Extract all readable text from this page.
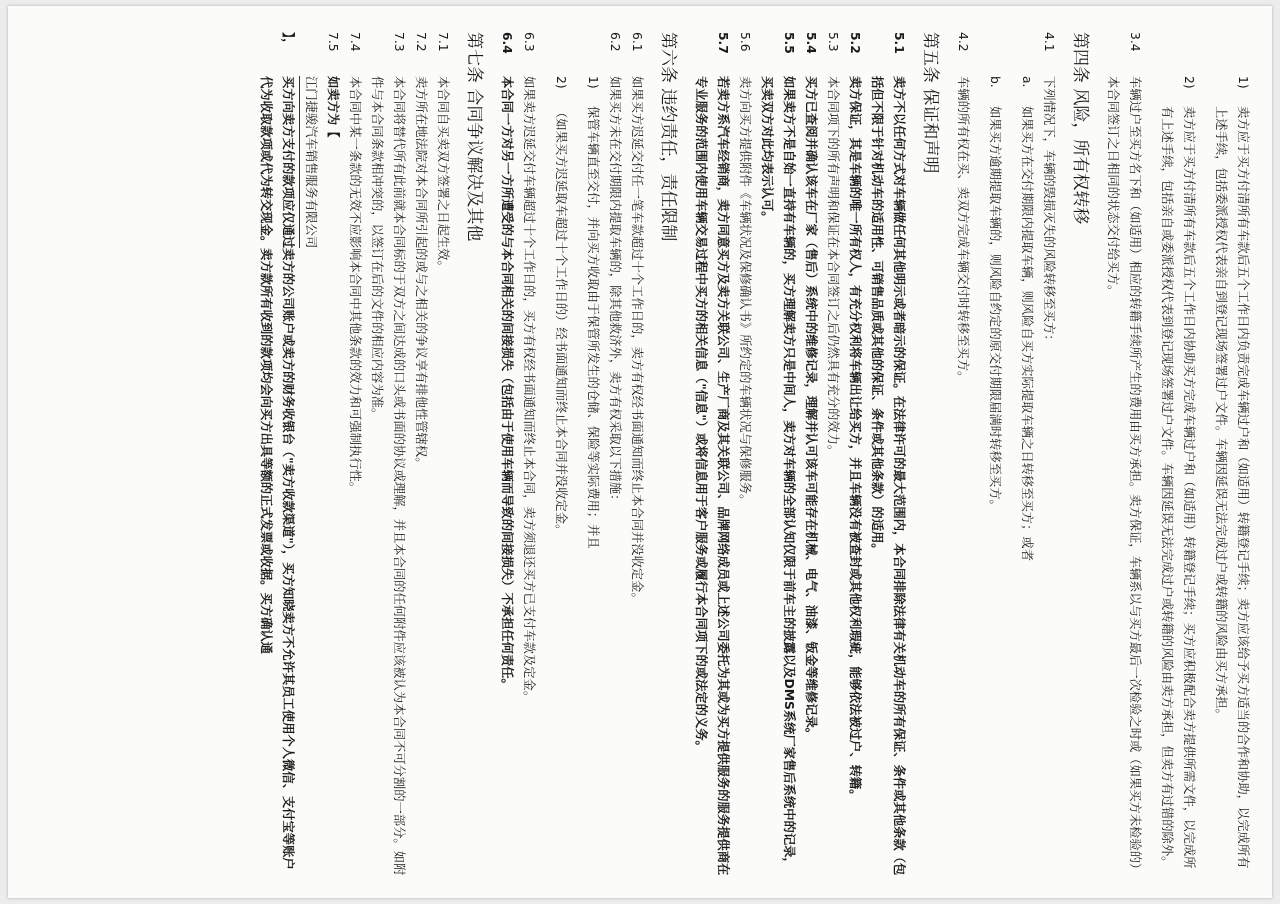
1)
卖方应于买方付清所有车款后五个工作日内负责完成车辆过户和（如适用）转籍登记手续；卖方应该给予买方适当的合作和协助，以完成所有上述手续，包括委派授权代表亲自到登记现场签署过户文件。车辆因延误无法完成过户或转籍的风险由买方承担。
2)
卖方应于买方付清所有车款后五个工作日内协助买方完成车辆过户和（如适用）转籍登记手续；买方应积极配合卖方提供所需文件，以完成所有上述手续，包括亲自或委派授权代表到登记现场签署过户文件。车辆因延误无法完成过户或转籍的风险由卖方承担，但卖方有过错的除外。
3.4
车辆过户至买方名下和（如适用）相应的转籍手续所产生的费用由买方承担。卖方保证，车辆系以与买方最后一次检验之时或（如果买方未检验的）本合同签订之日相同的状态交付给买方。
第四条 风险，所有权转移
4.1
下列情况下，车辆的毁损灭失的风险转移至买方：
a.
如果买方在交付期限内提取车辆，则风险自买方实际提取车辆之日转移至买方；或者
b.
如果买方逾期提取车辆的，则风险自约定的原交付期限届满时转移至买方。
4.2
车辆的所有权在买、卖双方完成车辆交付时转移至买方。
第五条 保证和声明
5.1
卖方不以任何方式对车辆做任何其他明示或者暗示的保证。在法律许可的最大范围内，本合同排除法律有关机动车的所有保证、条件或其他条款（包括但不限于针对机动车的适用性、可销售品质或其他的保证、条件或其他条款）的适用。
5.2
卖方保证，其是车辆的唯一所有权人，有充分权利将车辆出让给买方，并且车辆没有被查封或其他权利瑕疵，能够依法被过户、转籍。
5.3
本合同项下的所有声明和保证在本合同签订之后仍然具有充分的效力。
5.4
买方已查阅并确认该车在厂家（售后）系统中的维修记录，理解并认可该车可能存在机械、电气、油漆、钣金等维修记录。
5.5
如果卖方不是自始一直持有车辆的，买方理解卖方只是中间人，卖方对车辆的全部认知仅限于前车主的披露以及DMS系统厂家售后系统中的记录，买卖双方对此均表示认可。
5.6
卖方向买方提供附件《车辆状况及保修确认书》所约定的车辆状况与保修服务。
5.7
若卖方系汽车经销商，卖方同意买方及卖方关联公司、生产厂商及其关联公司、品牌网络成员或上述公司委托为其或为买方提供服务的服务提供商在专业服务的范围内使用车辆交易过程中买方的相关信息（"信息"）或将信息用于客户服务或履行本合同项下的或法定的义务。
第六条 违约责任，责任限制
6.1
如果买方迟延交付任一笔车款超过十个工作日的，卖方有权经书面通知而终止本合同并没收定金。
6.2
如果买方未在交付期限内提取车辆的，除其他救济外，卖方有权采取以下措施：
1)
保管车辆直至交付，并向买方收取由于保管所发生的仓储、保险等实际费用；并且
2)
（如果买方迟延取车超过十个工作日的）经书面通知而终止本合同并没收定金。
6.3
如果卖方迟延交付车辆超过十个工作日的，买方有权经书面通知而终止本合同，卖方须退还买方已支付车款及定金。
6.4
本合同一方对另一方所遭受的与本合同相关的间接损失（包括由于使用车辆而导致的间接损失）不承担任何责任。
第七条 合同争议解决及其他
7.1
本合同自买卖双方签署之日起生效。
7.2
卖方所在地法院对本合同所引起的或与之相关的争议享有排他性管辖权。
7.3
本合同将替代所有此前就本合同标的于双方之间达成的口头或书面的协议或理解，并且本合同的任何附件应该被认为本合同不可分割的一部分。如附件与本合同条款相冲突的，以签订在后的文件的相应内容为准。
7.4
本合同中某一条款的无效不应影响本合同中其他条款的效力和可强制执行性。
7.5
如卖方为【
江门捷骏汽车销售服务有限公司
】，
买方向卖方支付的款项应仅通过卖方的公司账户或卖方的财务收银台（"卖方收款渠道"），买方知晓卖方不允许其员工使用个人微信、支付宝等账户代为收取款项或代为转交现金。卖方款所有收到的款项均会向买方出具等额的正式发票或收据。买方确认通
